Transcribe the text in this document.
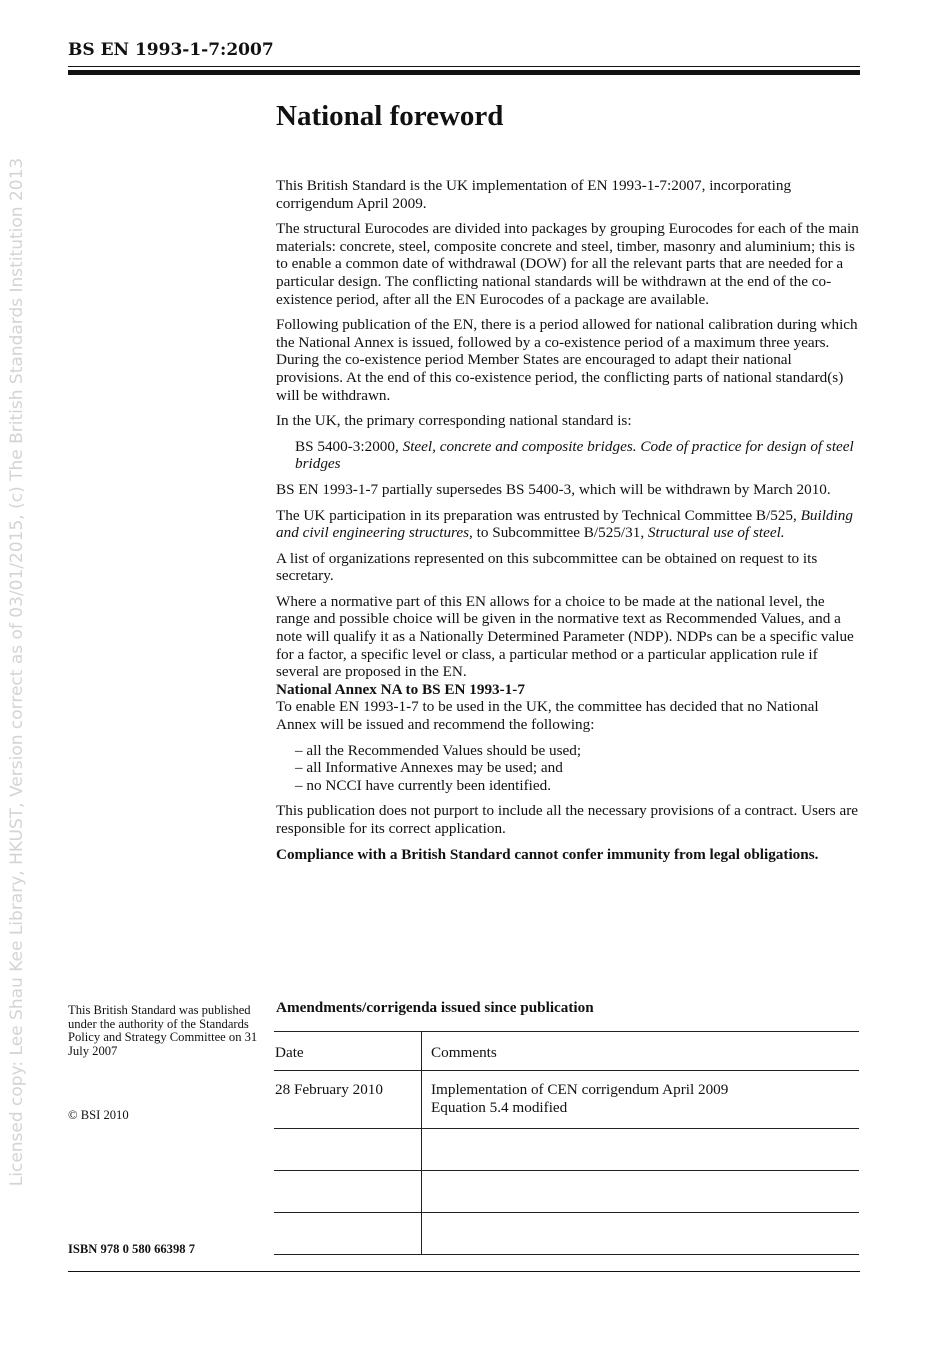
BS EN 1993-1-7:2007
Licensed copy: Lee Shau Kee Library, HKUST, Version correct as of 03/01/2015, (c) The British Standards Institution 2013
National foreword

This British Standard is the UK implementation of EN 1993-1-7:2007, incorporating corrigendum April 2009.

The structural Eurocodes are divided into packages by grouping Eurocodes for each of the main materials: concrete, steel, composite concrete and steel, timber, masonry and aluminium; this is to enable a common date of withdrawal (DOW) for all the relevant parts that are needed for a particular design. The conflicting national standards will be withdrawn at the end of the co-existence period, after all the EN Eurocodes of a package are available.

Following publication of the EN, there is a period allowed for national calibration during which the National Annex is issued, followed by a co-existence period of a maximum three years. During the co-existence period Member States are encouraged to adapt their national provisions. At the end of this co-existence period, the conflicting parts of national standard(s) will be withdrawn.

In the UK, the primary corresponding national standard is:

BS 5400-3:2000, Steel, concrete and composite bridges. Code of practice for design of steel bridges

BS EN 1993-1-7 partially supersedes BS 5400-3, which will be withdrawn by March 2010.

The UK participation in its preparation was entrusted by Technical Committee B/525, Building and civil engineering structures, to Subcommittee B/525/31, Structural use of steel.

A list of organizations represented on this subcommittee can be obtained on request to its secretary.

Where a normative part of this EN allows for a choice to be made at the national level, the range and possible choice will be given in the normative text as Recommended Values, and a note will qualify it as a Nationally Determined Parameter (NDP). NDPs can be a specific value for a factor, a specific level or class, a particular method or a particular application rule if several are proposed in the EN.

National Annex NA to BS EN 1993-1-7

To enable EN 1993-1-7 to be used in the UK, the committee has decided that no National Annex will be issued and recommend the following:

– all the Recommended Values should be used;
– all Informative Annexes may be used; and
– no NCCI have currently been identified.

This publication does not purport to include all the necessary provisions of a contract. Users are responsible for its correct application.

Compliance with a British Standard cannot confer immunity from legal obligations.

Amendments/corrigenda issued since publication
Date	Comments

28 February 2010	Implementation of CEN corrigendum April 2009
Equation 5.4 modified

This British Standard was published under the authority of the Standards Policy and Strategy Committee on 31 July 2007
© BSI 2010
ISBN 978 0 580 66398 7
